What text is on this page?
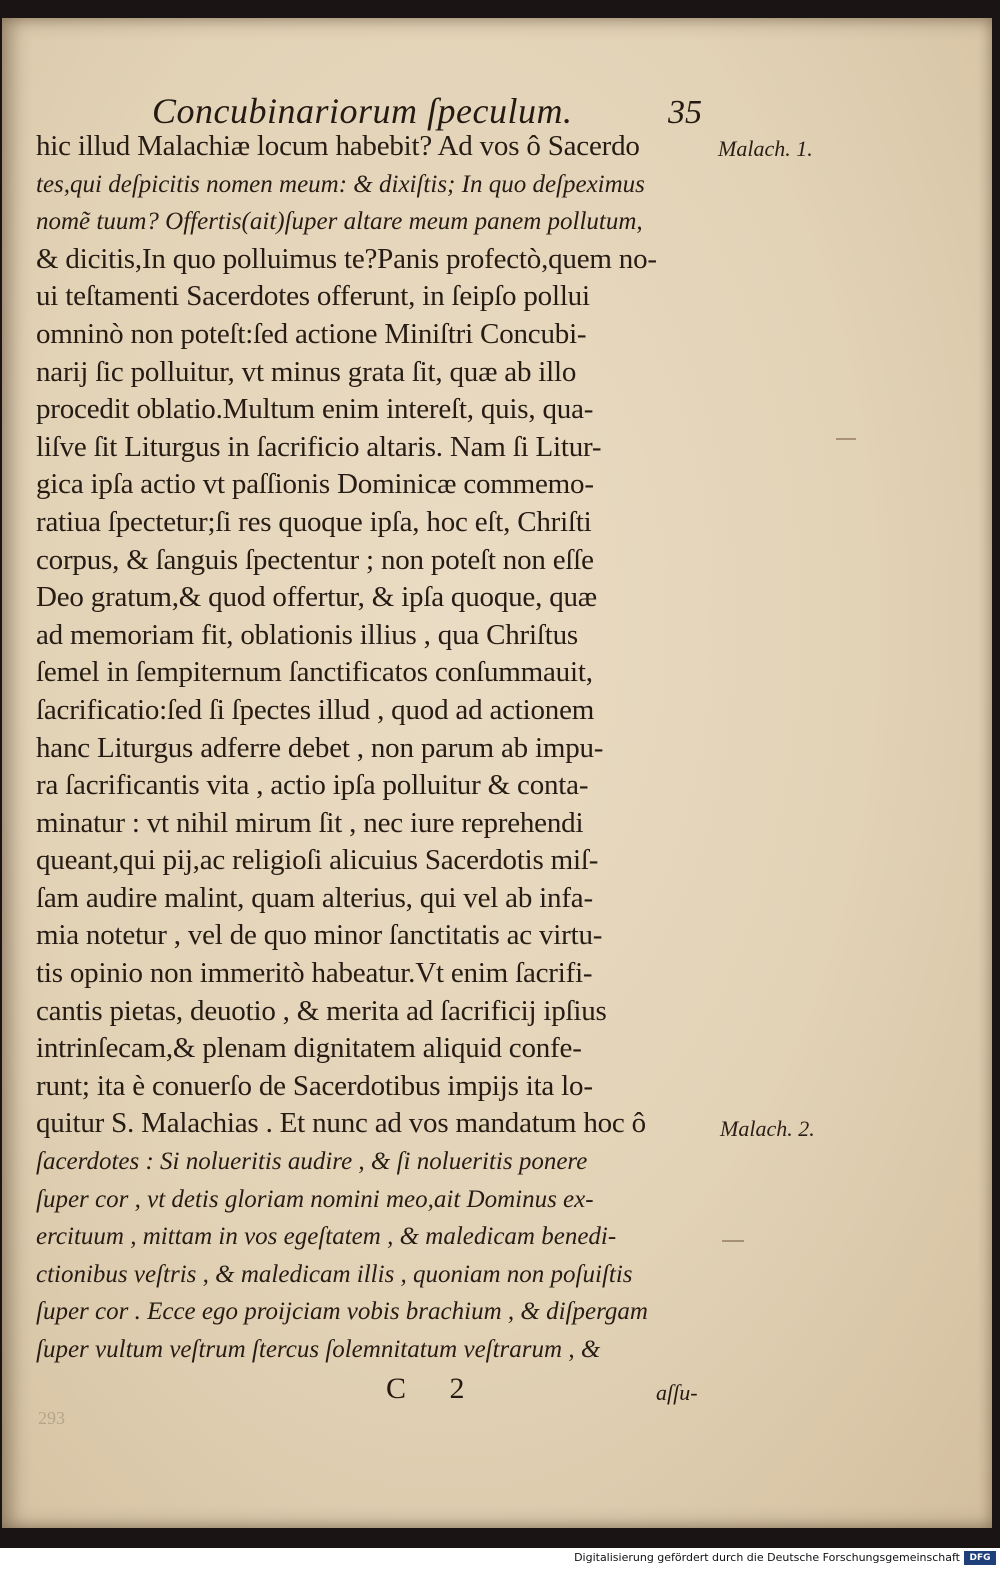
Concubinariorum ſpeculum.	35
hic illud Malachiæ locum habebit? Ad vos ô Sacerdo
tes,qui deſpicitis nomen meum: & dixiſtis; In quo deſpeximus
nomẽ tuum? Offertis(ait)ſuper altare meum panem pollutum,
& dicitis,In quo polluimus te?Panis profectò,quem no-
ui teſtamenti Sacerdotes offerunt, in ſeipſo pollui
omninò non poteſt:ſed actione Miniſtri Concubi-
narij ſic polluitur, vt minus grata ſit, quæ ab illo
procedit oblatio.Multum enim intereſt, quis, qua-
liſve ſit Liturgus in ſacrificio altaris. Nam ſi Litur-
gica ipſa actio vt paſſionis Dominicæ commemo-
ratiua ſpectetur;ſi res quoque ipſa, hoc eſt, Chriſti
corpus, & ſanguis ſpectentur ; non poteſt non eſſe
Deo gratum,& quod offertur, & ipſa quoque, quæ
ad memoriam fit, oblationis illius , qua Chriſtus
ſemel in ſempiternum ſanctificatos conſummauit,
ſacrificatio:ſed ſi ſpectes illud , quod ad actionem
hanc Liturgus adferre debet , non parum ab impu-
ra ſacrificantis vita , actio ipſa polluitur & conta-
minatur : vt nihil mirum ſit , nec iure reprehendi
queant,qui pij,ac religioſi alicuius Sacerdotis miſ-
ſam audire malint, quam alterius, qui vel ab infa-
mia notetur , vel de quo minor ſanctitatis ac virtu-
tis opinio non immeritò habeatur.Vt enim ſacrifi-
cantis pietas, deuotio , & merita ad ſacrificij ipſius
intrinſecam,& plenam dignitatem aliquid confe-
runt; ita è conuerſo de Sacerdotibus impijs ita lo-
quitur S. Malachias . Et nunc ad vos mandatum hoc ô
ſacerdotes : Si nolueritis audire , & ſi nolueritis ponere
ſuper cor , vt detis gloriam nomini meo,ait Dominus ex-
ercituum , mittam in vos egeſtatem , & maledicam benedi-
ctionibus veſtris , & maledicam illis , quoniam non poſuiſtis
ſuper cor . Ecce ego proijciam vobis brachium , & diſpergam
ſuper vultum veſtrum ſtercus ſolemnitatum veſtrarum , &
Malach. 1.
Malach. 2.
C 2	aſſu-
293
Digitalisierung gefördert durch die Deutsche Forschungsgemeinschaft	DFG
